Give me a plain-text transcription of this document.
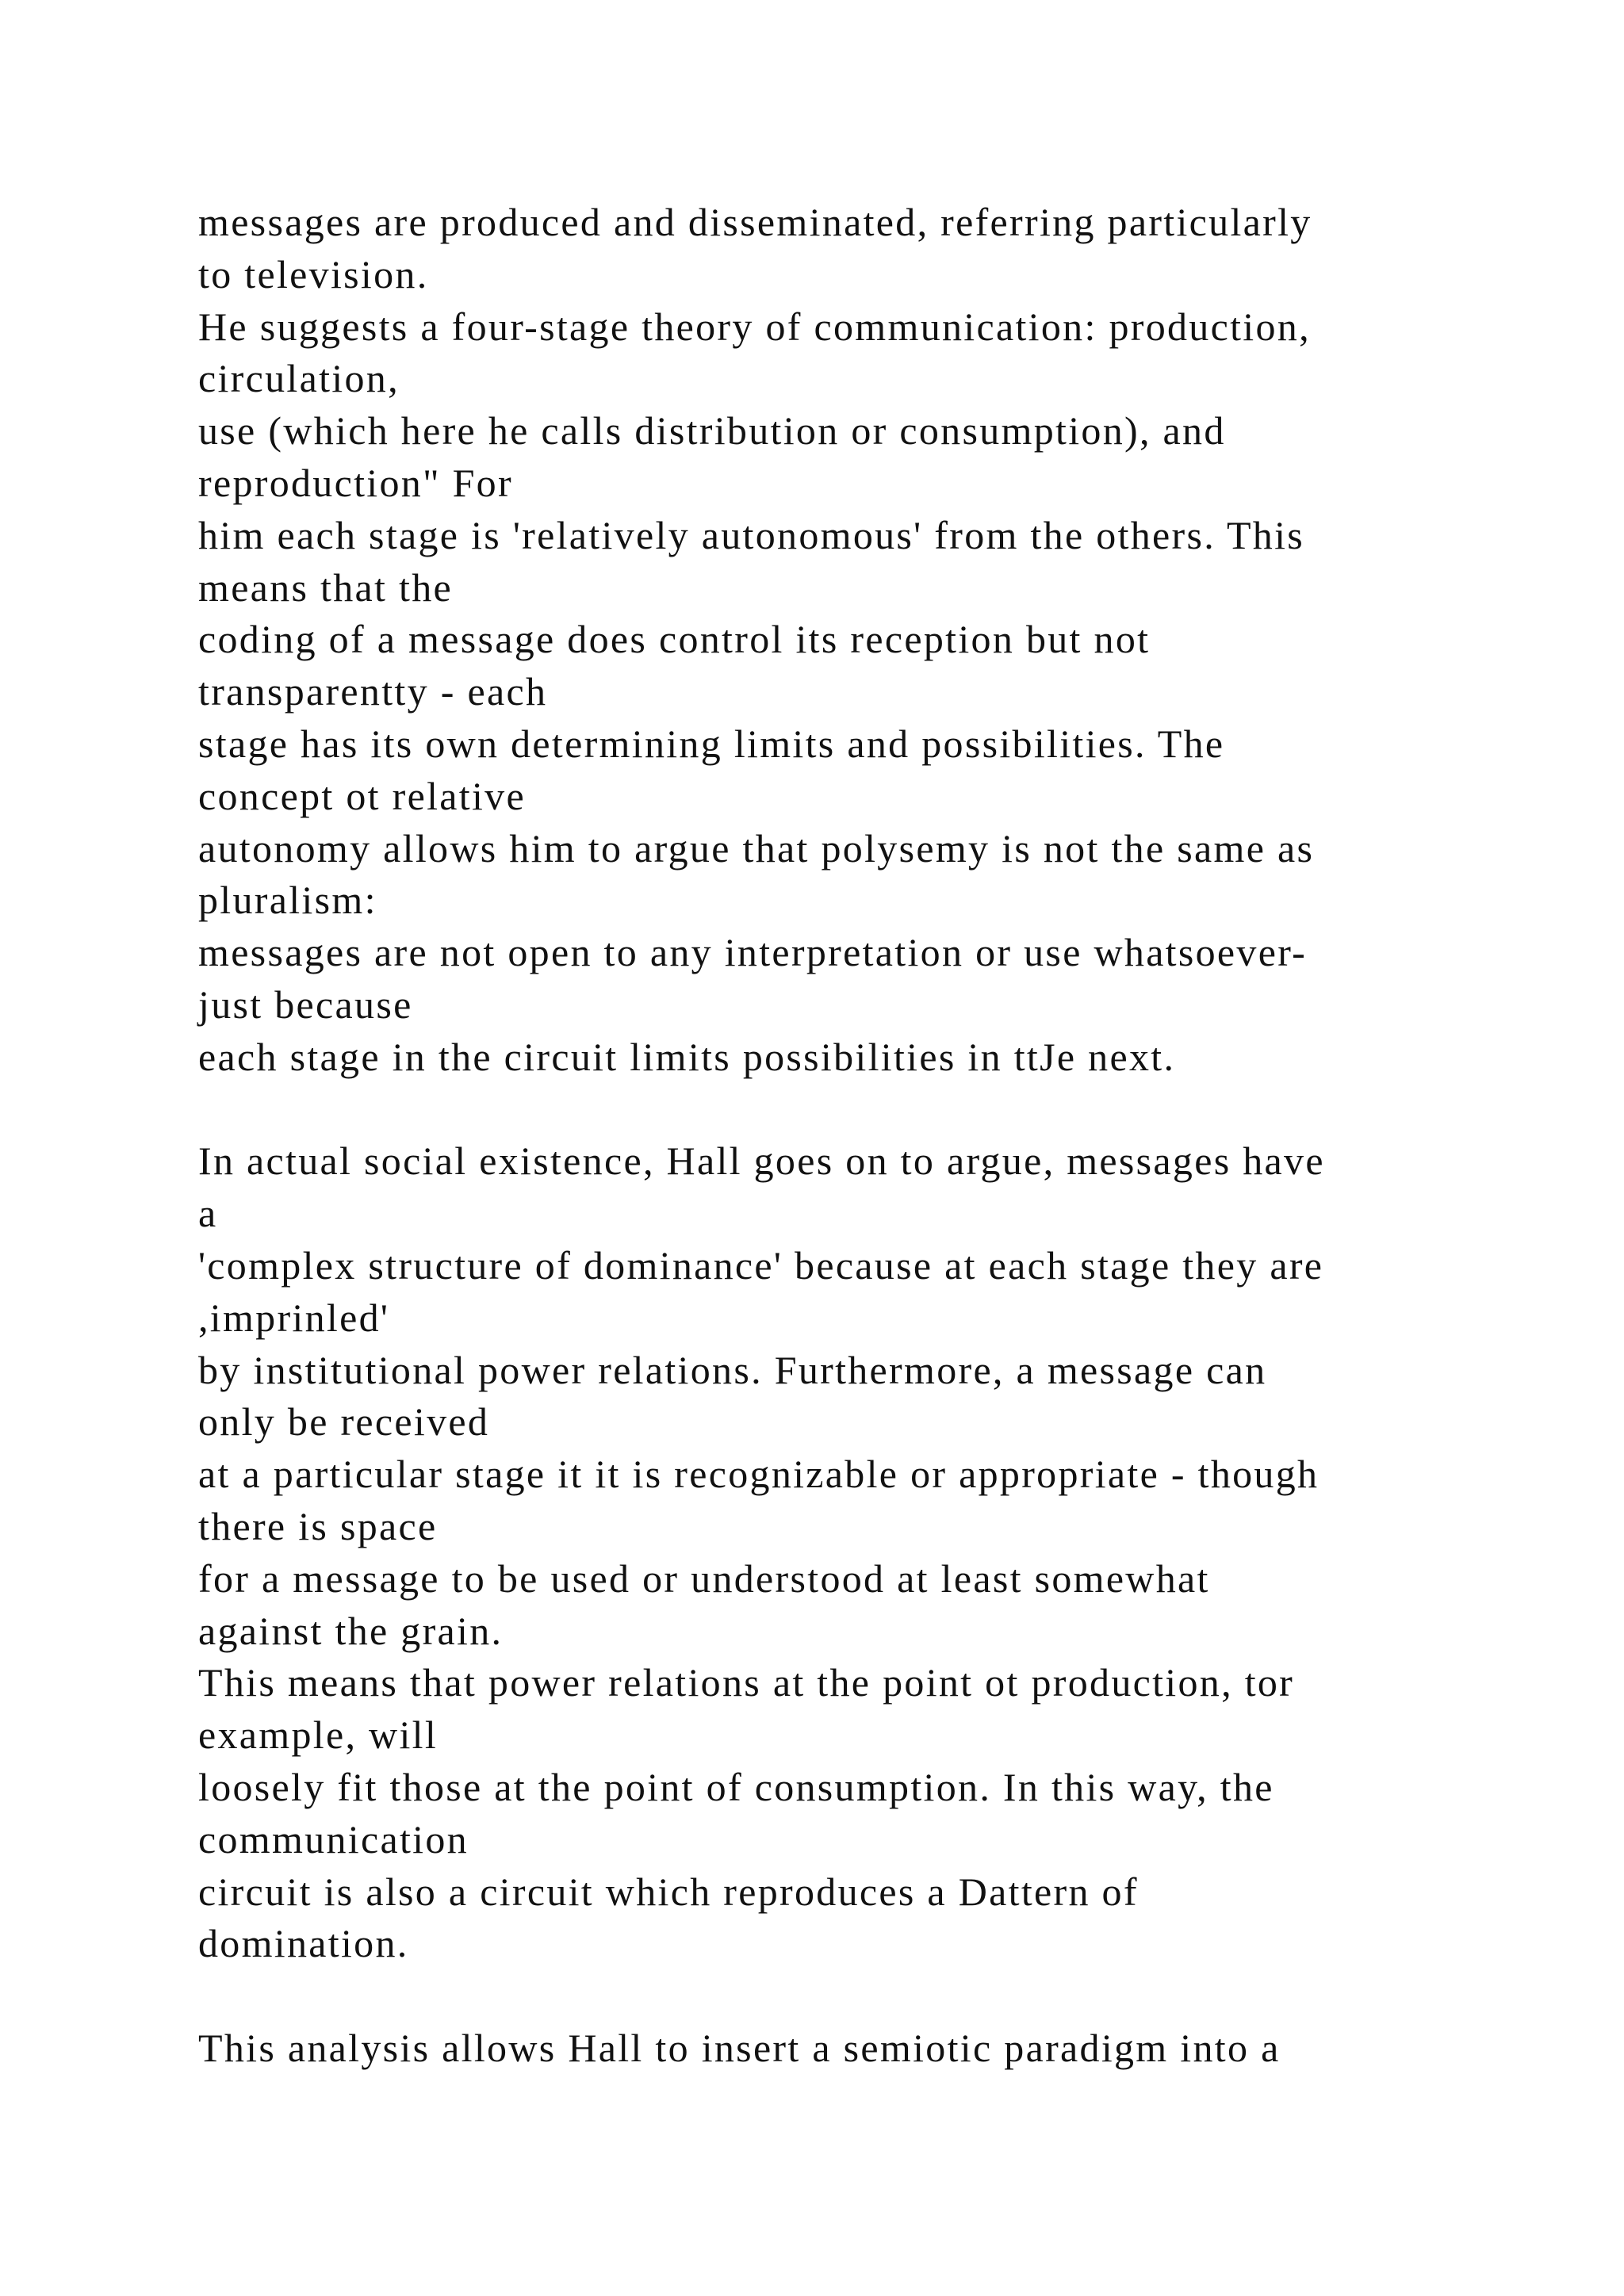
messages are produced and disseminated, referring particularly
to television.
He suggests a four-stage theory of communication: production,
circulation,
use (which here he calls distribution or consumption), and
reproduction" For
him each stage is 'relatively autonomous' from the others. This
means that the
coding of a message does control its reception but not
transparentty - each
stage has its own determining limits and possibilities. The
concept ot relative
autonomy allows him to argue that polysemy is not the same as
pluralism:
messages are not open to any interpretation or use whatsoever-
just because
each stage in the circuit limits possibilities in ttJe next.
In actual social existence, Hall goes on to argue, messages have
a
'complex structure of dominance' because at each stage they are
,imprinled'
by institutional power relations. Furthermore, a message can
only be received
at a particular stage it it is recognizable or appropriate - though
there is space
for a message to be used or understood at least somewhat
against the grain.
This means that power relations at the point ot production, tor
example, will
loosely fit those at the point of consumption. In this way, the
communication
circuit is also a circuit which reproduces a Dattern of
domination.
This analysis allows Hall to insert a semiotic paradigm into a
